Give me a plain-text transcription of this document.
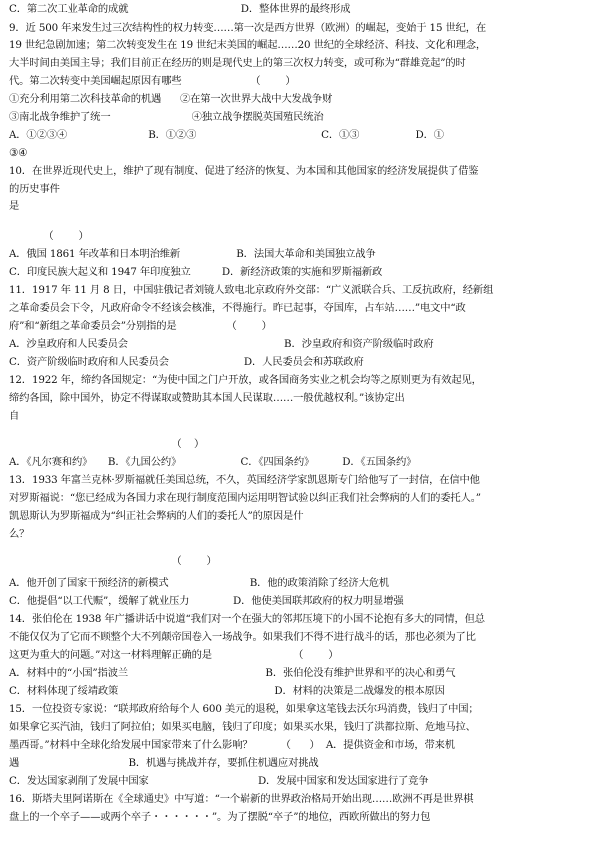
C．第二次工业革命的成就                                    D．整体世界的最终形成
9．近 500 年来发生过三次结构性的权力转变……第一次是西方世界（欧洲）的崛起，变始于 15 世纪，在
19 世纪急剧加速；第二次转变发生在 19 世纪末美国的崛起……20 世纪的全球经济、科技、文化和理念，
大半时间由美国主导；我们目前正在经历的则是现代史上的第三次权力转变，或可称为“群雄竞起”的时
代。第二次转变中美国崛起原因有哪些                      （        ）
①充分利用第二次科技革命的机遇      ②在第一次世界大战中大发战争财
③南北战争维护了统一                          ④独立战争摆脱英国殖民统治
A．①②③④                          B．①②③                                        C．①③                  D．①
③④
10．在世界近现代史上，维护了现有制度、促进了经济的恢复、为本国和其他国家的经济发展提供了借鉴
的历史事件
是
（        ）
A．俄国 1861 年改革和日本明治维新                  B．法国大革命和美国独立战争
C．印度民族大起义和 1947 年印度独立          D．新经济政策的实施和罗斯福新政
11．1917 年 11 月 8 日，中国驻俄记者刘镜人致电北京政府外交部：“广义派联合兵、工反抗政府，经新组
之革命委员会下令，凡政府命令不经该会核准，不得施行。昨已起事，夺国库，占车站……”电文中“政
府”和“新组之革命委员会”分别指的是                （        ）
A．沙皇政府和人民委员会                                                  B．沙皇政府和资产阶级临时政府
C．资产阶级临时政府和人民委员会                        D．人民委员会和苏联政府
12．1922 年，缔约各国规定：“为使中国之门户开放，或各国商务实业之机会均等之原则更为有效起见，
缔约各国，除中国外，协定不得谋取或赞助其本国人民谋取……一般优越权利。”该协定出
自
（    ）
A．《凡尔赛和约》     B．《九国公约》                   C．《四国条约》         D．《五国条约》
13．1933 年富兰克林·罗斯福就任美国总统，不久，英国经济学家凯恩斯专门给他写了一封信，在信中他
对罗斯福说：“您已经成为各国力求在现行制度范围内运用明智试验以纠正我们社会弊病的人们的委托人。”
凯恩斯认为罗斯福成为“纠正社会弊病的人们的委托人”的原因是什
么？
（        ）
A．他开创了国家干预经济的新模式                          B．他的政策消除了经济大危机
C．他提倡“以工代赈”，缓解了就业压力              D．他使美国联邦政府的权力明显增强
14．张伯伦在 1938 年广播讲话中说道“我们对一个在强大的邻邦压境下的小国不论抱有多大的同情，但总
不能仅仅为了它而不顾整个大不列颠帝国卷入一场战争。如果我们不得不进行战斗的话，那也必须为了比
这更为重大的问题。”对这一材料理解正确的是                          （        ）
A．材料中的“小国”指波兰                                            B．张伯伦没有维护世界和平的决心和勇气
C．材料体现了绥靖政策                                                  D．材料的决策是二战爆发的根本原因
15．一位投资专家说：“联邦政府给每个人 600 美元的退税，如果拿这笔钱去沃尔玛消费，钱归了中国；
如果拿它买汽油，钱归了阿拉伯；如果买电脑，钱归了印度；如果买水果，钱归了洪都拉斯、危地马拉、
墨西哥。”材料中全球化给发展中国家带来了什么影响？         （      ）  A．提供资金和市场，带来机
遇                                   B．机遇与挑战并存，要抓住机遇应对挑战
C．发达国家剥削了发展中国家                                   D．发展中国家和发达国家进行了竞争
16．斯塔夫里阿诺斯在《全球通史》中写道：“一个崭新的世界政治格局开始出现……欧洲不再是世界棋
盘上的一个卒子——或两个卒子・・・・・・”。为了摆脱“卒子”的地位，西欧所做出的努力包
